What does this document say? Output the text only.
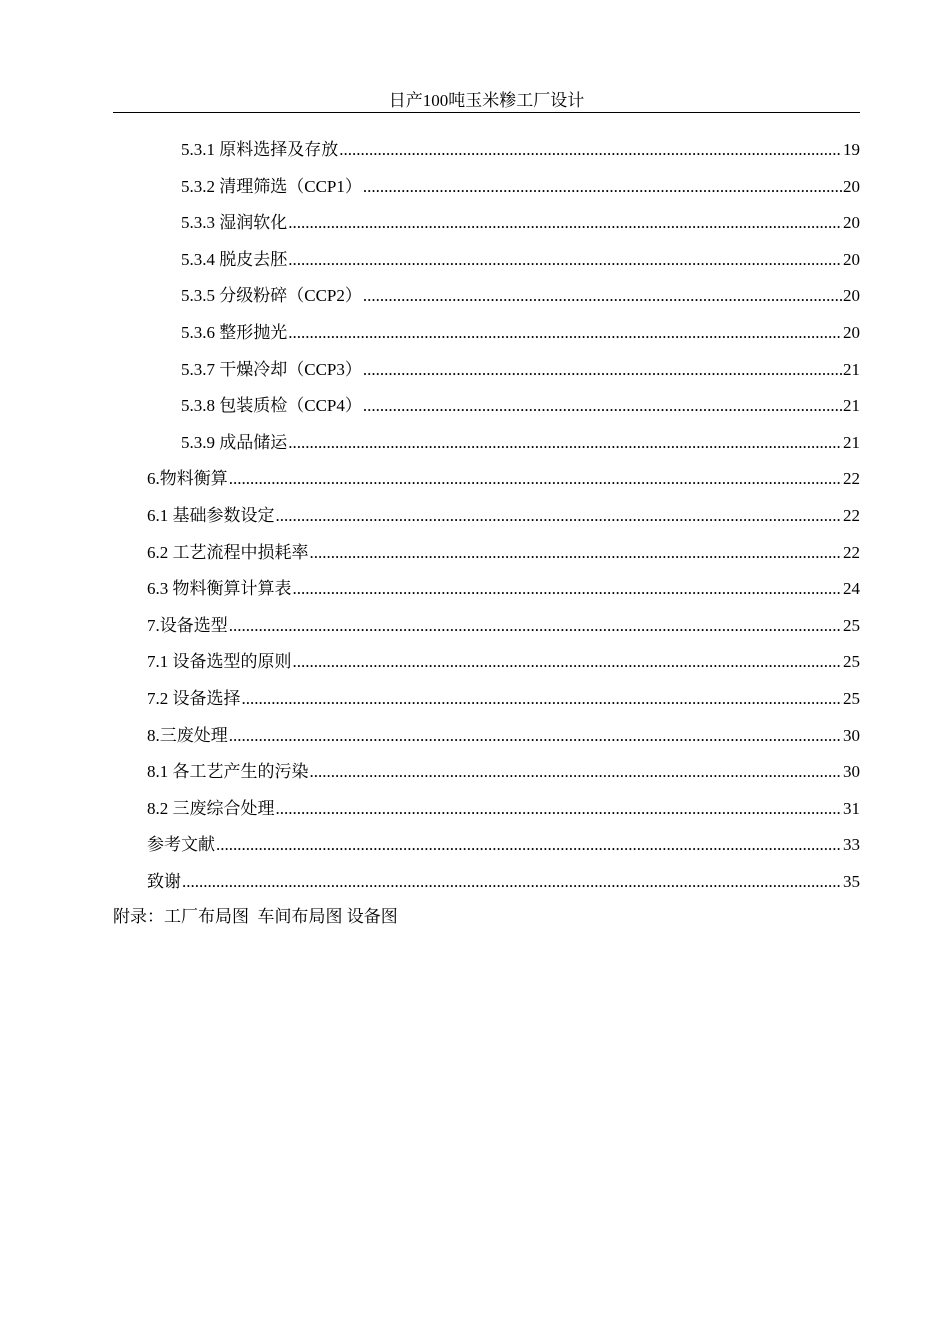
日产100吨玉米糁工厂设计
5.3.1 原料选择及存放 .....	19
5.3.2 清理筛选（CCP1） .....	20
5.3.3 湿润软化 .....	20
5.3.4 脱皮去胚 .....	20
5.3.5 分级粉碎（CCP2） .....	20
5.3.6 整形抛光 .....	20
5.3.7 干燥冷却（CCP3） .....	21
5.3.8 包装质检（CCP4） .....	21
5.3.9 成品储运 .....	21
6.物料衡算 .....	22
6.1 基础参数设定 .....	22
6.2 工艺流程中损耗率 .....	22
6.3 物料衡算计算表 .....	24
7.设备选型 .....	25
7.1 设备选型的原则 .....	25
7.2 设备选择 .....	25
8.三废处理 .....	30
8.1 各工艺产生的污染 .....	30
8.2 三废综合处理 .....	31
参考文献 .....	33
致谢 .....	35
附录：工厂布局图  车间布局图 设备图
